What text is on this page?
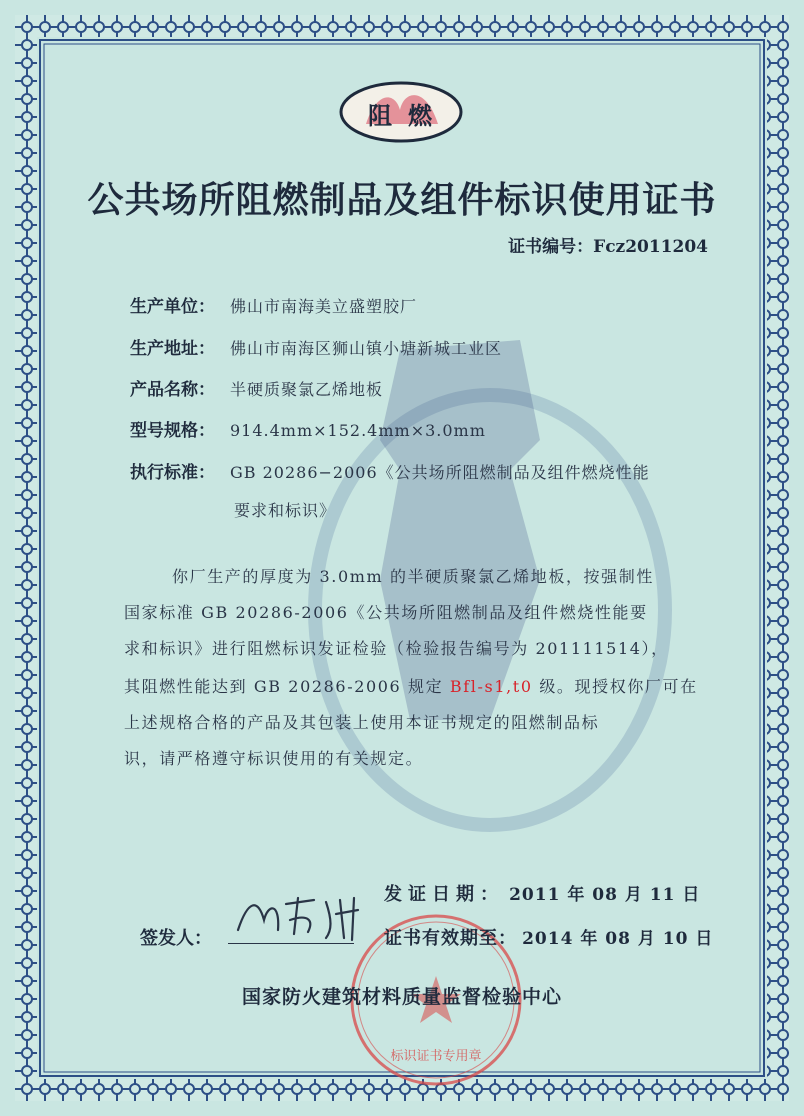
阻 燃
公共场所阻燃制品及组件标识使用证书
证书编号：Fcz2011204
生产单位： 佛山市南海美立盛塑胶厂
生产地址： 佛山市南海区狮山镇小塘新城工业区
产品名称： 半硬质聚氯乙烯地板
型号规格： 914.4mm×152.4mm×3.0mm
执行标准： GB 20286−2006《公共场所阻燃制品及组件燃烧性能
要求和标识》
你厂生产的厚度为 3.0mm 的半硬质聚氯乙烯地板，按强制性
国家标准 GB 20286-2006《公共场所阻燃制品及组件燃烧性能要
求和标识》进行阻燃标识发证检验（检验报告编号为 201111514），
其阻燃性能达到 GB 20286-2006 规定 Bfl-s1,t0 级。现授权你厂可在
上述规格合格的产品及其包装上使用本证书规定的阻燃制品标
识，请严格遵守标识使用的有关规定。
标识证书专用章
发证日期： 2011 年 08 月 11 日
证书有效期至： 2014 年 08 月 10 日
签发人：
国家防火建筑材料质量监督检验中心
